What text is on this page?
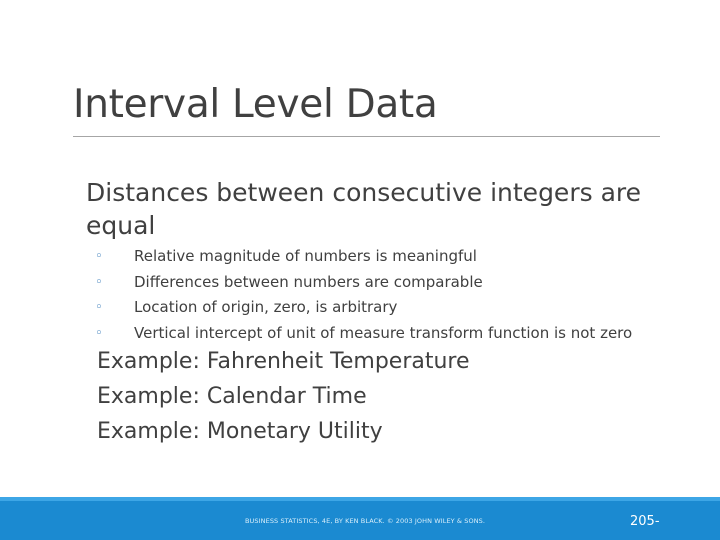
Interval Level Data
Distances between consecutive integers are equal
◦ Relative magnitude of numbers is meaningful
◦ Differences between numbers are comparable
◦ Location of origin, zero, is arbitrary
◦ Vertical intercept of unit of measure transform function is not zero
Example: Fahrenheit Temperature
Example: Calendar Time
Example: Monetary Utility
BUSINESS STATISTICS, 4E, BY KEN BLACK. © 2003 JOHN WILEY & SONS.	205-
